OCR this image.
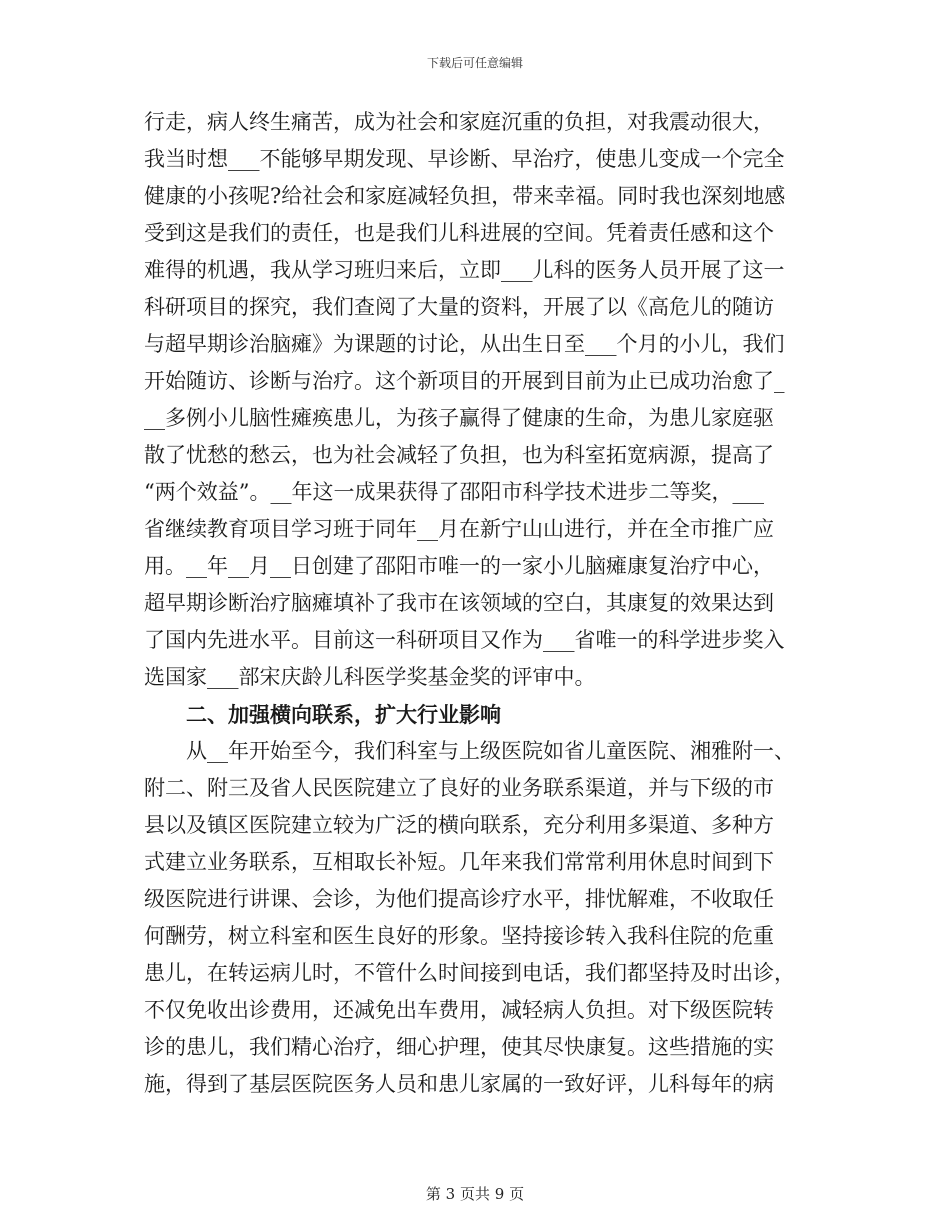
下载后可任意编辑
行走，病人终生痛苦，成为社会和家庭沉重的负担，对我震动很大，
我当时想___不能够早期发现、早诊断、早治疗，使患儿变成一个完全
健康的小孩呢?给社会和家庭减轻负担，带来幸福。同时我也深刻地感
受到这是我们的责任，也是我们儿科进展的空间。凭着责任感和这个
难得的机遇，我从学习班归来后，立即___儿科的医务人员开展了这一
科研项目的探究，我们查阅了大量的资料，开展了以《高危儿的随访
与超早期诊治脑瘫》为课题的讨论，从出生日至___个月的小儿，我们
开始随访、诊断与治疗。这个新项目的开展到目前为止已成功治愈了_
__多例小儿脑性瘫痪患儿，为孩子赢得了健康的生命，为患儿家庭驱
散了忧愁的愁云，也为社会减轻了负担，也为科室拓宽病源，提高了
“两个效益”。__年这一成果获得了邵阳市科学技术进步二等奖，___
省继续教育项目学习班于同年__月在新宁山山进行，并在全市推广应
用。__年__月__日创建了邵阳市唯一的一家小儿脑瘫康复治疗中心，
超早期诊断治疗脑瘫填补了我市在该领域的空白，其康复的效果达到
了国内先进水平。目前这一科研项目又作为___省唯一的科学进步奖入
选国家___部宋庆龄儿科医学奖基金奖的评审中。
二、加强横向联系，扩大行业影响
从__年开始至今，我们科室与上级医院如省儿童医院、湘雅附一、
附二、附三及省人民医院建立了良好的业务联系渠道，并与下级的市
县以及镇区医院建立较为广泛的横向联系，充分利用多渠道、多种方
式建立业务联系，互相取长补短。几年来我们常常利用休息时间到下
级医院进行讲课、会诊，为他们提高诊疗水平，排忧解难，不收取任
何酬劳，树立科室和医生良好的形象。坚持接诊转入我科住院的危重
患儿，在转运病儿时，不管什么时间接到电话，我们都坚持及时出诊，
不仅免收出诊费用，还减免出车费用，减轻病人负担。对下级医院转
诊的患儿，我们精心治疗，细心护理，使其尽快康复。这些措施的实
施，得到了基层医院医务人员和患儿家属的一致好评，儿科每年的病
第 3 页共 9 页
